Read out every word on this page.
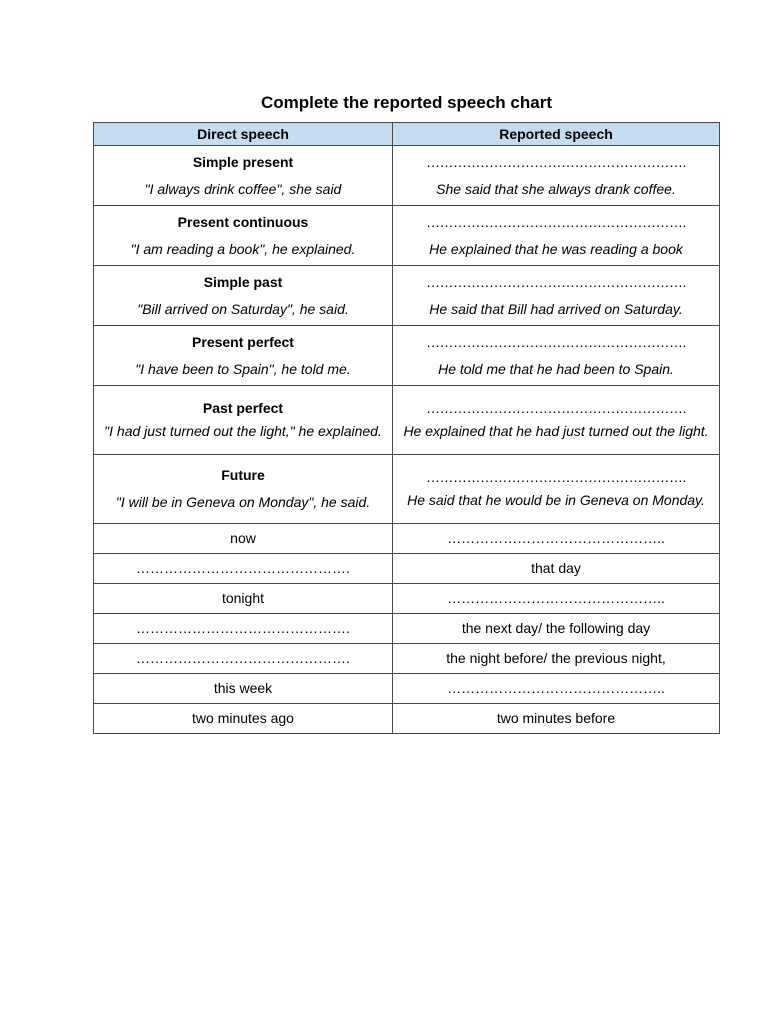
Complete the reported speech chart
Direct speech	Reported speech

Simple present
"I always drink coffee", she said	………………………………………………….
She said that she always drank coffee.

Present continuous
"I am reading a book", he explained.	………………………………………………….
He explained that he was reading a book

Simple past
"Bill arrived on Saturday", he said.	………………………………………………….
He said that Bill had arrived on Saturday.

Present perfect
"I have been to Spain", he told me.	………………………………………………….
He told me that he had been to Spain.

Past perfect
"I had just turned out the light," he explained.	………………………………………………….
He explained that he had just turned out the light.

Future
"I will be in Geneva on Monday", he said.	………………………………………………….
He said that he would be in Geneva on Monday.

now	………………………………………..
……………………………………….	that day
tonight	………………………………………..
……………………………………….	the next day/ the following day
……………………………………….	the night before/ the previous night,
this week	………………………………………..
two minutes ago	two minutes before
